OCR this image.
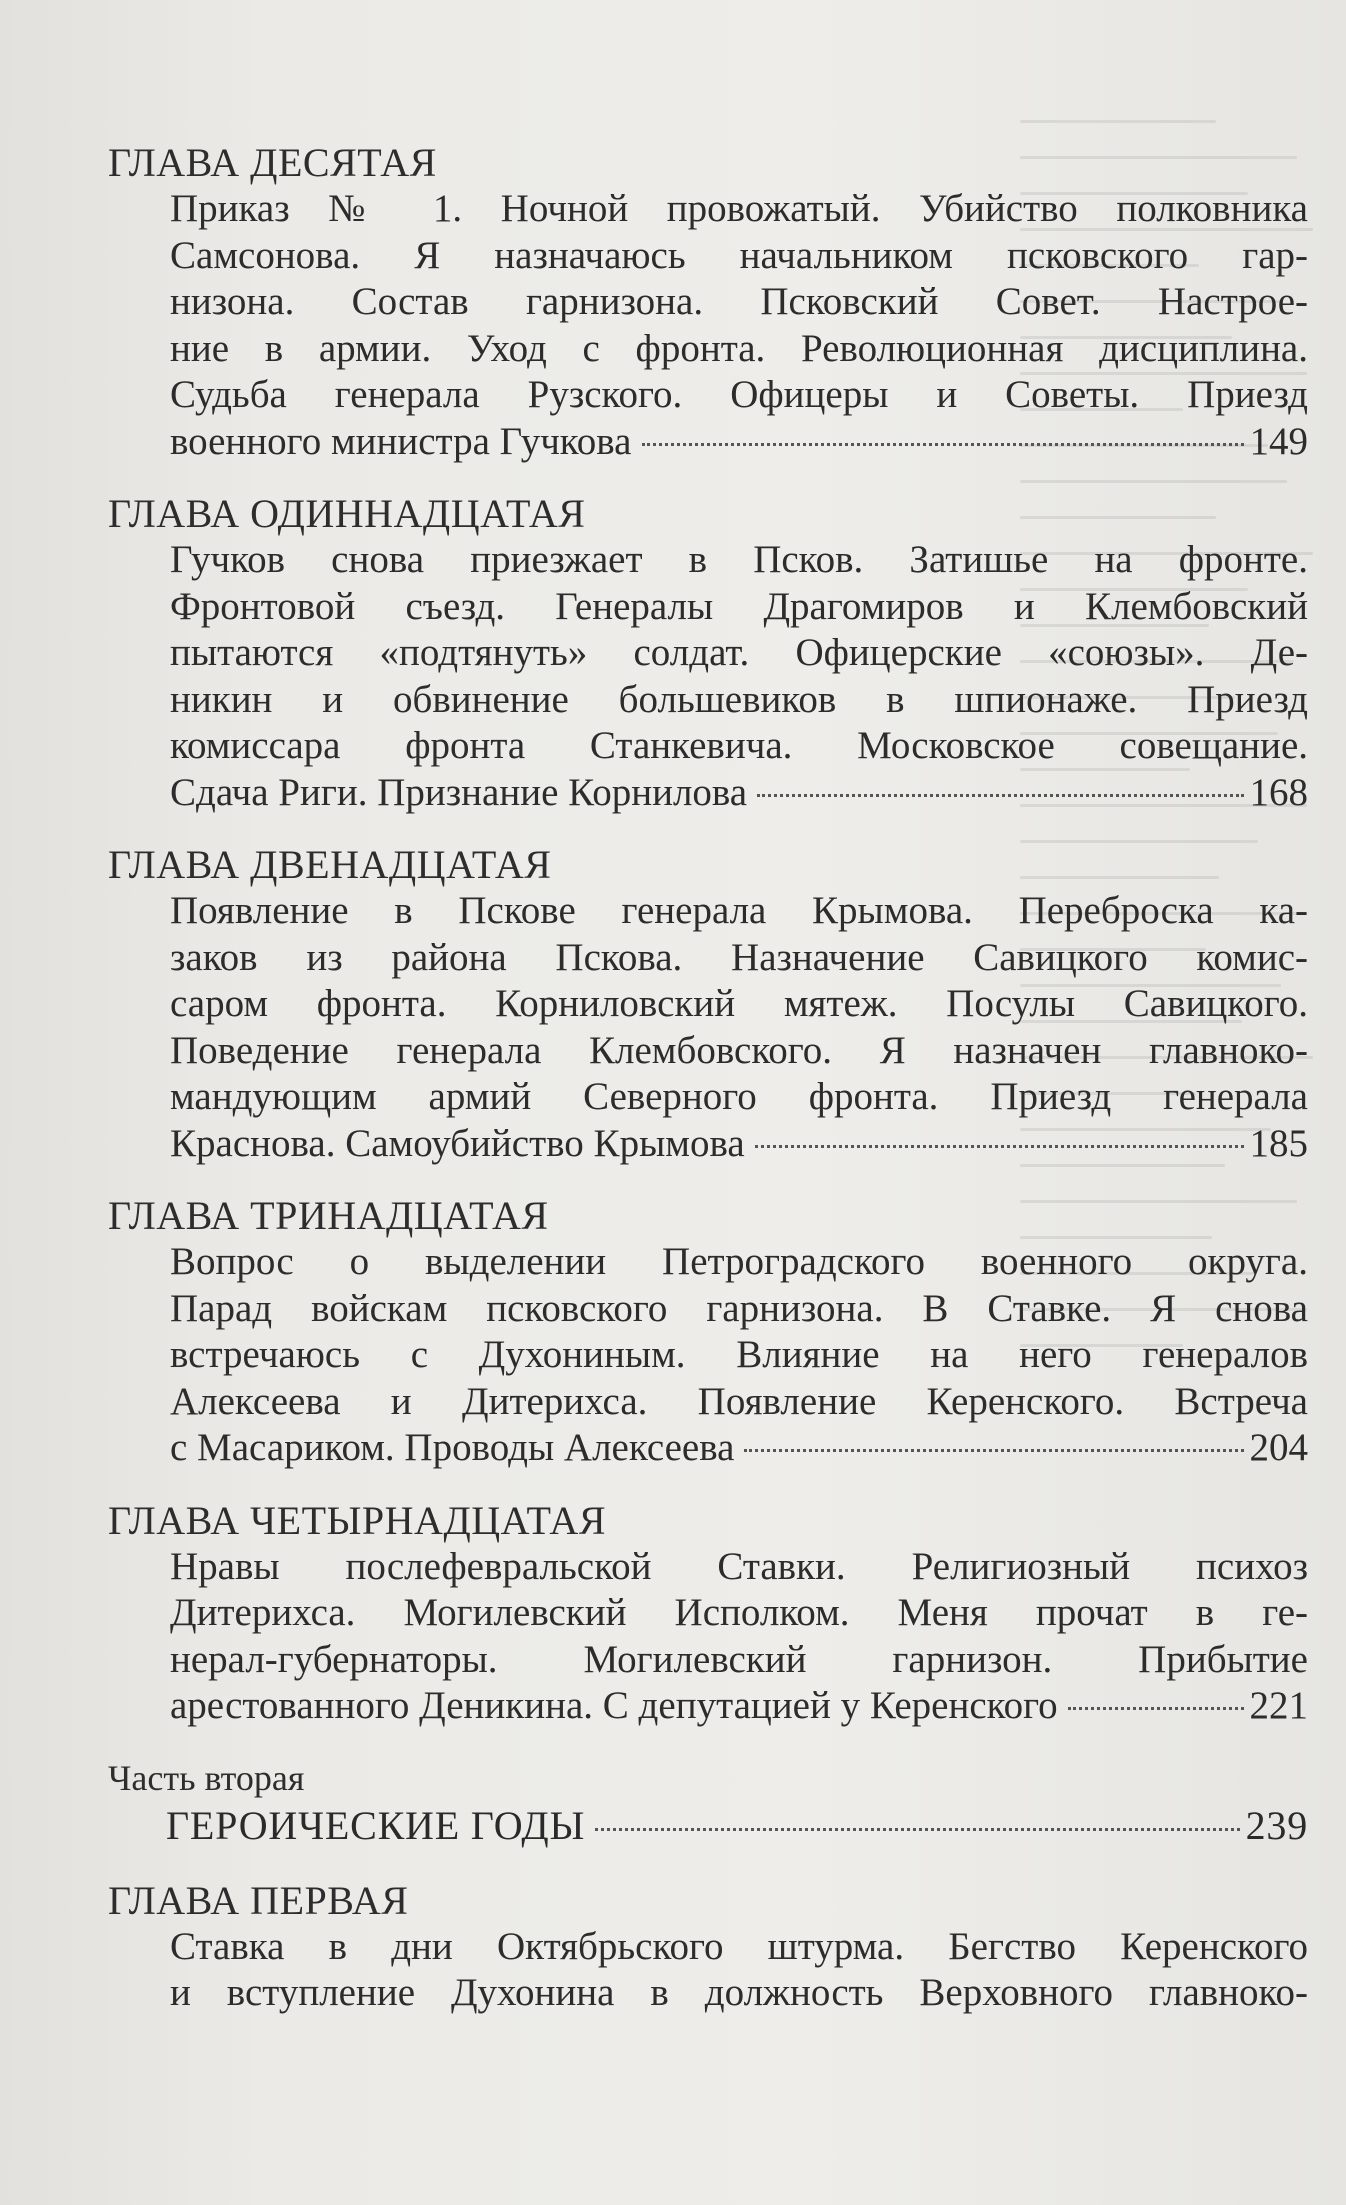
ГЛАВА ДЕСЯТАЯ
Приказ № 1. Ночной провожатый. Убийство полковника
Самсонова. Я назначаюсь начальником псковского гар-
низона. Состав гарнизона. Псковский Совет. Настрое-
ние в армии. Уход с фронта. Революционная дисциплина.
Судьба генерала Рузского. Офицеры и Советы. Приезд
военного министра Гучкова	149
ГЛАВА ОДИННАДЦАТАЯ
Гучков снова приезжает в Псков. Затишье на фронте.
Фронтовой съезд. Генералы Драгомиров и Клембовский
пытаются «подтянуть» солдат. Офицерские «союзы». Де-
никин и обвинение большевиков в шпионаже. Приезд
комиссара фронта Станкевича. Московское совещание.
Сдача Риги. Признание Корнилова	168
ГЛАВА ДВЕНАДЦАТАЯ
Появление в Пскове генерала Крымова. Переброска ка-
заков из района Пскова. Назначение Савицкого комис-
саром фронта. Корниловский мятеж. Посулы Савицкого.
Поведение генерала Клембовского. Я назначен главноко-
мандующим армий Северного фронта. Приезд генерала
Краснова. Самоубийство Крымова	185
ГЛАВА ТРИНАДЦАТАЯ
Вопрос о выделении Петроградского военного округа.
Парад войскам псковского гарнизона. В Ставке. Я снова
встречаюсь с Духониным. Влияние на него генералов
Алексеева и Дитерихса. Появление Керенского. Встреча
с Масариком. Проводы Алексеева	204
ГЛАВА ЧЕТЫРНАДЦАТАЯ
Нравы послефевральской Ставки. Религиозный психоз
Дитерихса. Могилевский Исполком. Меня прочат в ге-
нерал-губернаторы. Могилевский гарнизон. Прибытие
арестованного Деникина. С депутацией у Керенского	221
Часть вторая
ГЕРОИЧЕСКИЕ ГОДЫ	239
ГЛАВА ПЕРВАЯ
Ставка в дни Октябрьского штурма. Бегство Керенского
и вступление Духонина в должность Верховного главноко-
